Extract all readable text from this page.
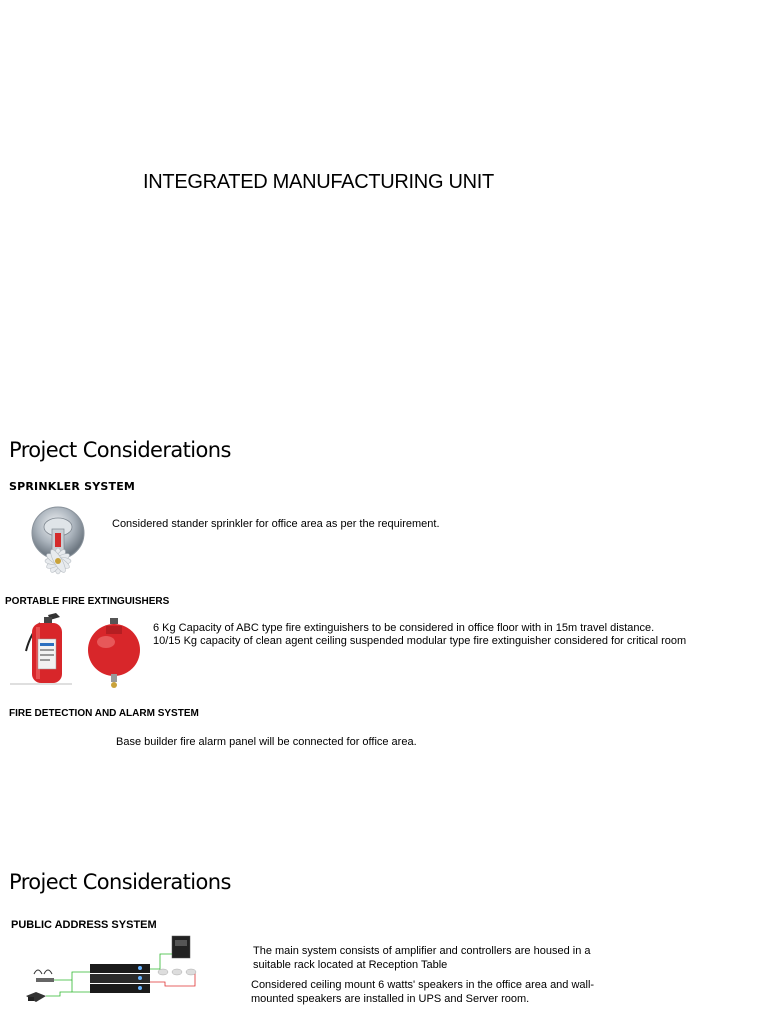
INTEGRATED MANUFACTURING UNIT
Project Considerations
SPRINKLER SYSTEM
Considered stander sprinkler for office area as per the requirement.
PORTABLE FIRE EXTINGUISHERS
6 Kg Capacity of ABC type fire extinguishers to be considered in office floor with in 15m travel distance.
10/15 Kg capacity of clean agent ceiling suspended modular type fire extinguisher considered for critical room
FIRE DETECTION AND ALARM SYSTEM
Base builder fire alarm panel will be connected for office area.
Project Considerations
PUBLIC ADDRESS SYSTEM
The main system consists of amplifier and controllers are housed in a suitable rack located at Reception Table
Considered ceiling mount 6 watts' speakers in the office area and wall-mounted speakers are installed in UPS and Server room.
